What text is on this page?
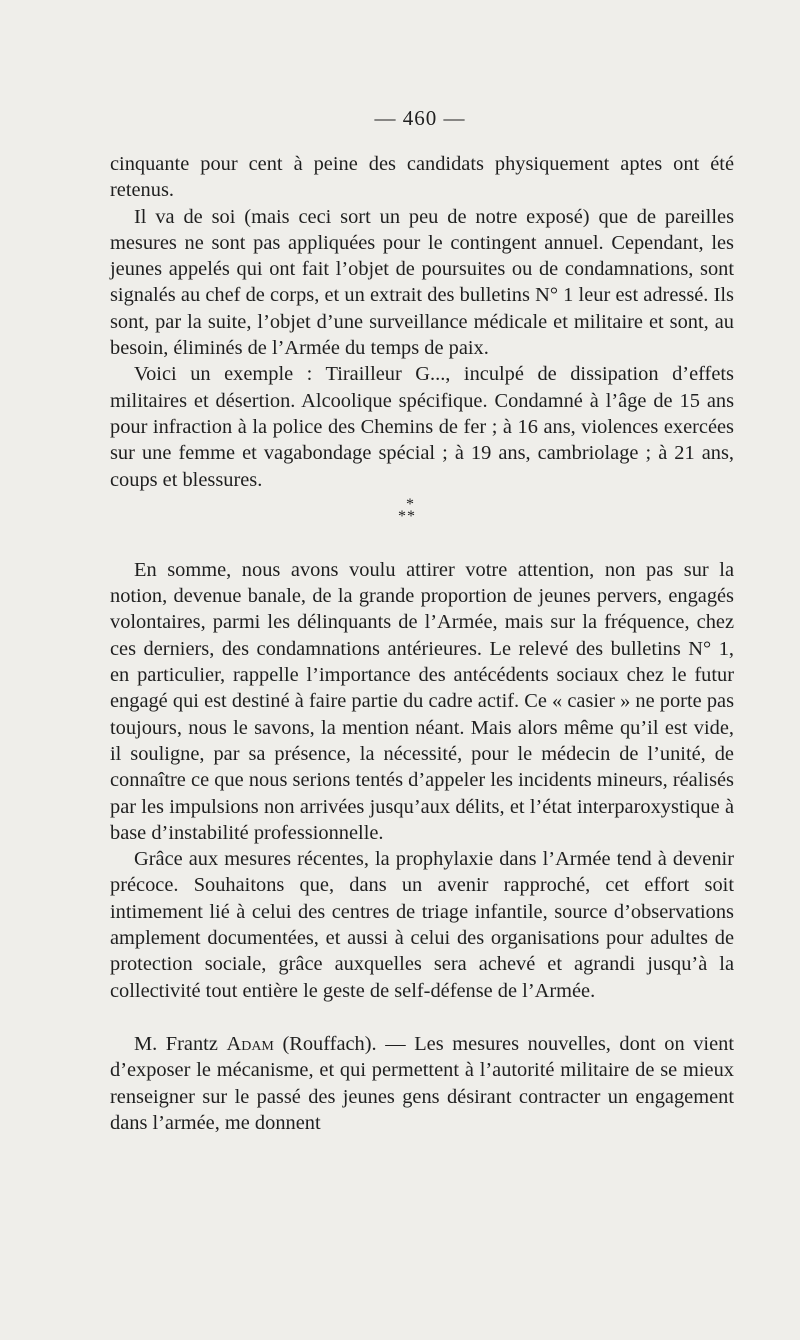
— 460 —

cinquante pour cent à peine des candidats physiquement aptes ont été retenus.

Il va de soi (mais ceci sort un peu de notre exposé) que de pareilles mesures ne sont pas appliquées pour le contingent annuel. Cependant, les jeunes appelés qui ont fait l’objet de poursuites ou de condamnations, sont signalés au chef de corps, et un extrait des bulletins N° 1 leur est adressé. Ils sont, par la suite, l’objet d’une surveillance médicale et militaire et sont, au besoin, éliminés de l’Armée du temps de paix.

Voici un exemple : Tirailleur G..., inculpé de dissipation d’effets militaires et désertion. Alcoolique spécifique. Condamné à l’âge de 15 ans pour infraction à la police des Chemins de fer ; à 16 ans, violences exercées sur une femme et vagabondage spécial ; à 19 ans, cambriolage ; à 21 ans, coups et blessures.

*
**

En somme, nous avons voulu attirer votre attention, non pas sur la notion, devenue banale, de la grande proportion de jeunes pervers, engagés volontaires, parmi les délinquants de l’Armée, mais sur la fréquence, chez ces derniers, des condamnations antérieures. Le relevé des bulletins N° 1, en particulier, rappelle l’importance des antécédents sociaux chez le futur engagé qui est destiné à faire partie du cadre actif. Ce « casier » ne porte pas toujours, nous le savons, la mention néant. Mais alors même qu’il est vide, il souligne, par sa présence, la nécessité, pour le médecin de l’unité, de connaître ce que nous serions tentés d’appeler les incidents mineurs, réalisés par les impulsions non arrivées jusqu’aux délits, et l’état interparoxystique à base d’instabilité professionnelle.

Grâce aux mesures récentes, la prophylaxie dans l’Armée tend à devenir précoce. Souhaitons que, dans un avenir rapproché, cet effort soit intimement lié à celui des centres de triage infantile, source d’observations amplement documentées, et aussi à celui des organisations pour adultes de protection sociale, grâce auxquelles sera achevé et agrandi jusqu’à la collectivité tout entière le geste de self-défense de l’Armée.

M. Frantz Adam (Rouffach). — Les mesures nouvelles, dont on vient d’exposer le mécanisme, et qui permettent à l’autorité militaire de se mieux renseigner sur le passé des jeunes gens désirant contracter un engagement dans l’armée, me donnent
